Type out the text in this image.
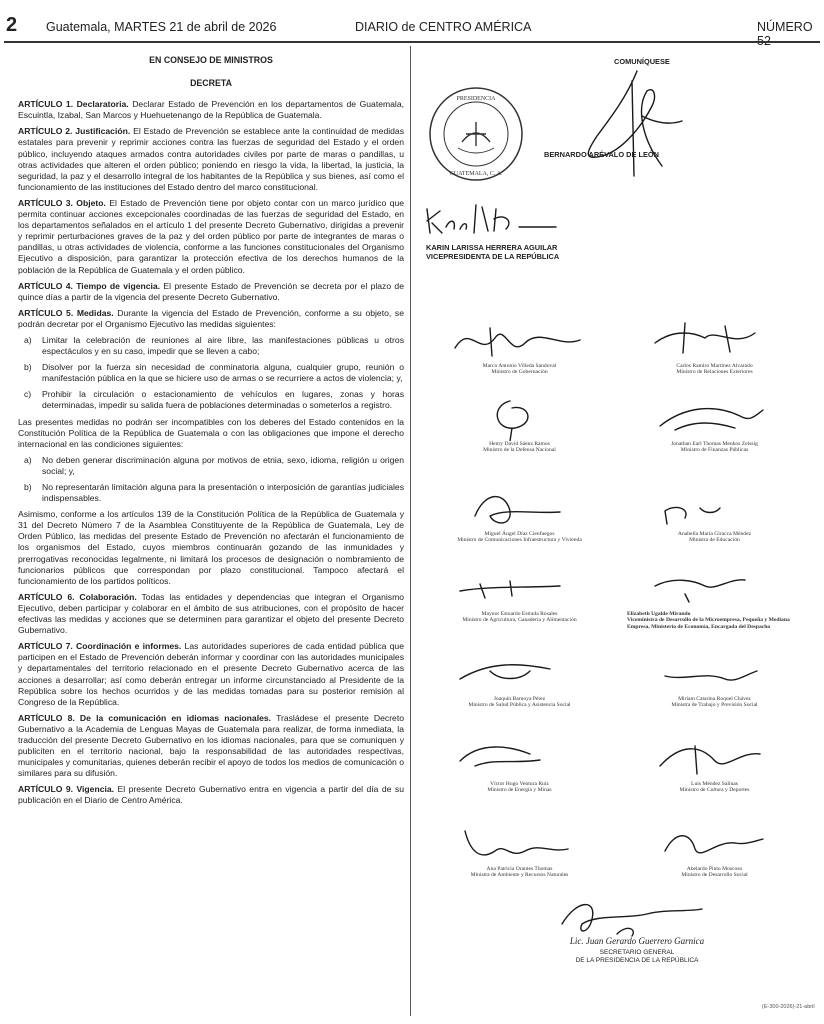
2 Guatemala, MARTES 21 de abril de 2026	DIARIO de CENTRO AMÉRICA	NÚMERO

EN CONSEJO DE MINISTROS

DECRETA

ARTÍCULO 1. Declaratoria. Declarar Estado de Prevención en los departamentos de Guatemala, Escuintla, Izabal, San Marcos y Huehuetenango de la República de Guatemala.

ARTÍCULO 2. Justificación. El Estado de Prevención se establece ante la continuidad de medidas estatales para prevenir y reprimir acciones contra las fuerzas de seguridad del Estado y el orden público, incluyendo ataques armados contra autoridades civiles por parte de maras o pandillas, u otras actividades que alteren el orden público; poniendo en riesgo la vida, la libertad, la justicia, la seguridad, la paz y el desarrollo integral de los habitantes de la República y sus bienes, así como el funcionamiento de las instituciones del Estado dentro del marco constitucional.

ARTÍCULO 3. Objeto. El Estado de Prevención tiene por objeto contar con un marco jurídico que permita continuar acciones excepcionales coordinadas de las fuerzas de seguridad del Estado, en los departamentos señalados en el artículo 1 del presente Decreto Gubernativo, dirigidas a prevenir y reprimir perturbaciones graves de la paz y del orden público por parte de integrantes de maras o pandillas, u otras actividades de violencia, conforme a las funciones constitucionales del Organismo Ejecutivo a disposición, para garantizar la protección efectiva de los derechos humanos de la población de la República de Guatemala y el orden público.

ARTÍCULO 4. Tiempo de vigencia. El presente Estado de Prevención se decreta por el plazo de quince días a partir de la vigencia del presente Decreto Gubernativo.

ARTÍCULO 5. Medidas. Durante la vigencia del Estado de Prevención, conforme a su objeto, se podrán decretar por el Organismo Ejecutivo las medidas siguientes:

a)	Limitar la celebración de reuniones al aire libre, las manifestaciones públicas u otros espectáculos y en su caso, impedir que se lleven a cabo;
b)	Disolver por la fuerza sin necesidad de conminatoria alguna, cualquier grupo, reunión o manifestación pública en la que se hiciere uso de armas o se recurriere a actos de violencia; y,
c)	Prohibir la circulación o estacionamiento de vehículos en lugares, zonas y horas determinadas, impedir su salida fuera de poblaciones determinadas o someterlos a registro.

Las presentes medidas no podrán ser incompatibles con los deberes del Estado contenidos en la Constitución Política de la República de Guatemala o con las obligaciones que impone el derecho internacional en las condiciones siguientes:

a)	No deben generar discriminación alguna por motivos de etnia, sexo, idioma, religión u origen social; y,
b)	No representarán limitación alguna para la presentación o interposición de garantías judiciales indispensables.

Asimismo, conforme a los artículos 139 de la Constitución Política de la República de Guatemala y 31 del Decreto Número 7 de la Asamblea Constituyente de la República de Guatemala, Ley de Orden Público, las medidas del presente Estado de Prevención no afectarán el funcionamiento de los organismos del Estado, cuyos miembros continuarán gozando de las inmunidades y prerrogativas reconocidas legalmente, ni limitará los procesos de designación o nombramiento de funcionarios públicos que correspondan por plazo constitucional. Tampoco afectará el funcionamiento de los partidos políticos.

ARTÍCULO 6. Colaboración. Todas las entidades y dependencias que integran el Organismo Ejecutivo, deben participar y colaborar en el ámbito de sus atribuciones, con el propósito de hacer efectivas las medidas y acciones que se determinen para garantizar el objeto del presente Decreto Gubernativo.

ARTÍCULO 7. Coordinación e informes. Las autoridades superiores de cada entidad pública que participen en el Estado de Prevención deberán informar y coordinar con las autoridades municipales y departamentales del territorio relacionado en el presente Decreto Gubernativo acerca de las acciones a desarrollar; así como deberán entregar un informe circunstanciado al Presidente de la República sobre los hechos ocurridos y de las medidas tomadas para su posterior remisión al Congreso de la República.

ARTÍCULO 8. De la comunicación en idiomas nacionales. Trasládese el presente Decreto Gubernativo a la Academia de Lenguas Mayas de Guatemala para realizar, de forma inmediata, la traducción del presente Decreto Gubernativo en los idiomas nacionales, para que se comuniquen y publiciten en el territorio nacional, bajo la responsabilidad de las autoridades respectivas, municipales y comunitarias, quienes deberán recibir el apoyo de todos los medios de comunicación o similares para su difusión.

ARTÍCULO 9. Vigencia. El presente Decreto Gubernativo entra en vigencia a partir del día de su publicación en el Diario de Centro América.

COMUNÍQUESE
PRESIDENCIA
GUATEMALA, C. A.
BERNARDO ARÉVALO DE LEÓN
KARIN LARISSA HERRERA AGUILAR
VICEPRESIDENTA DE LA REPÚBLICA
Marco Antonio Villeda Sandoval
Ministro de Gobernación
Carlos Ramiro Martínez Alvarado
Ministro de Relaciones Exteriores
Henry David Sáenz Ramos
Ministro de la Defensa Nacional
Jonathan Earl Thomas Menkos Zeissig
Ministro de Finanzas Públicas
Miguel Ángel Díaz Cienfuegos
Ministro de Comunicaciones Infraestructura y Vivienda
Anabella María Giracca Méndez
Ministra de Educación
Maynor Estuardo Estrada Rosales
Ministro de Agricultura, Ganadería y Alimentación
Elizabeth Ugalde Mirando
Viceministra de Desarrollo de la Microempresa, Pequeña y Mediana Empresa, Ministerio de Economía, Encargada del Despacho
Joaquín Barnoya Pérez
Ministro de Salud Pública y Asistencia Social
Miriam Catarina Roquel Chávez
Ministra de Trabajo y Previsión Social
Víctor Hugo Ventura Ruiz
Ministro de Energía y Minas
Luis Méndez Salinas
Ministro de Cultura y Deportes
Ana Patricia Orantes Thomas
Ministra de Ambiente y Recursos Naturales
Abelardo Pinto Moscoso
Ministro de Desarrollo Social
Lic. Juan Gerardo Guerrero Garnica
SECRETARIO GENERAL
DE LA PRESIDENCIA DE LA REPÚBLICA
(E-300-2026)-21-abril
